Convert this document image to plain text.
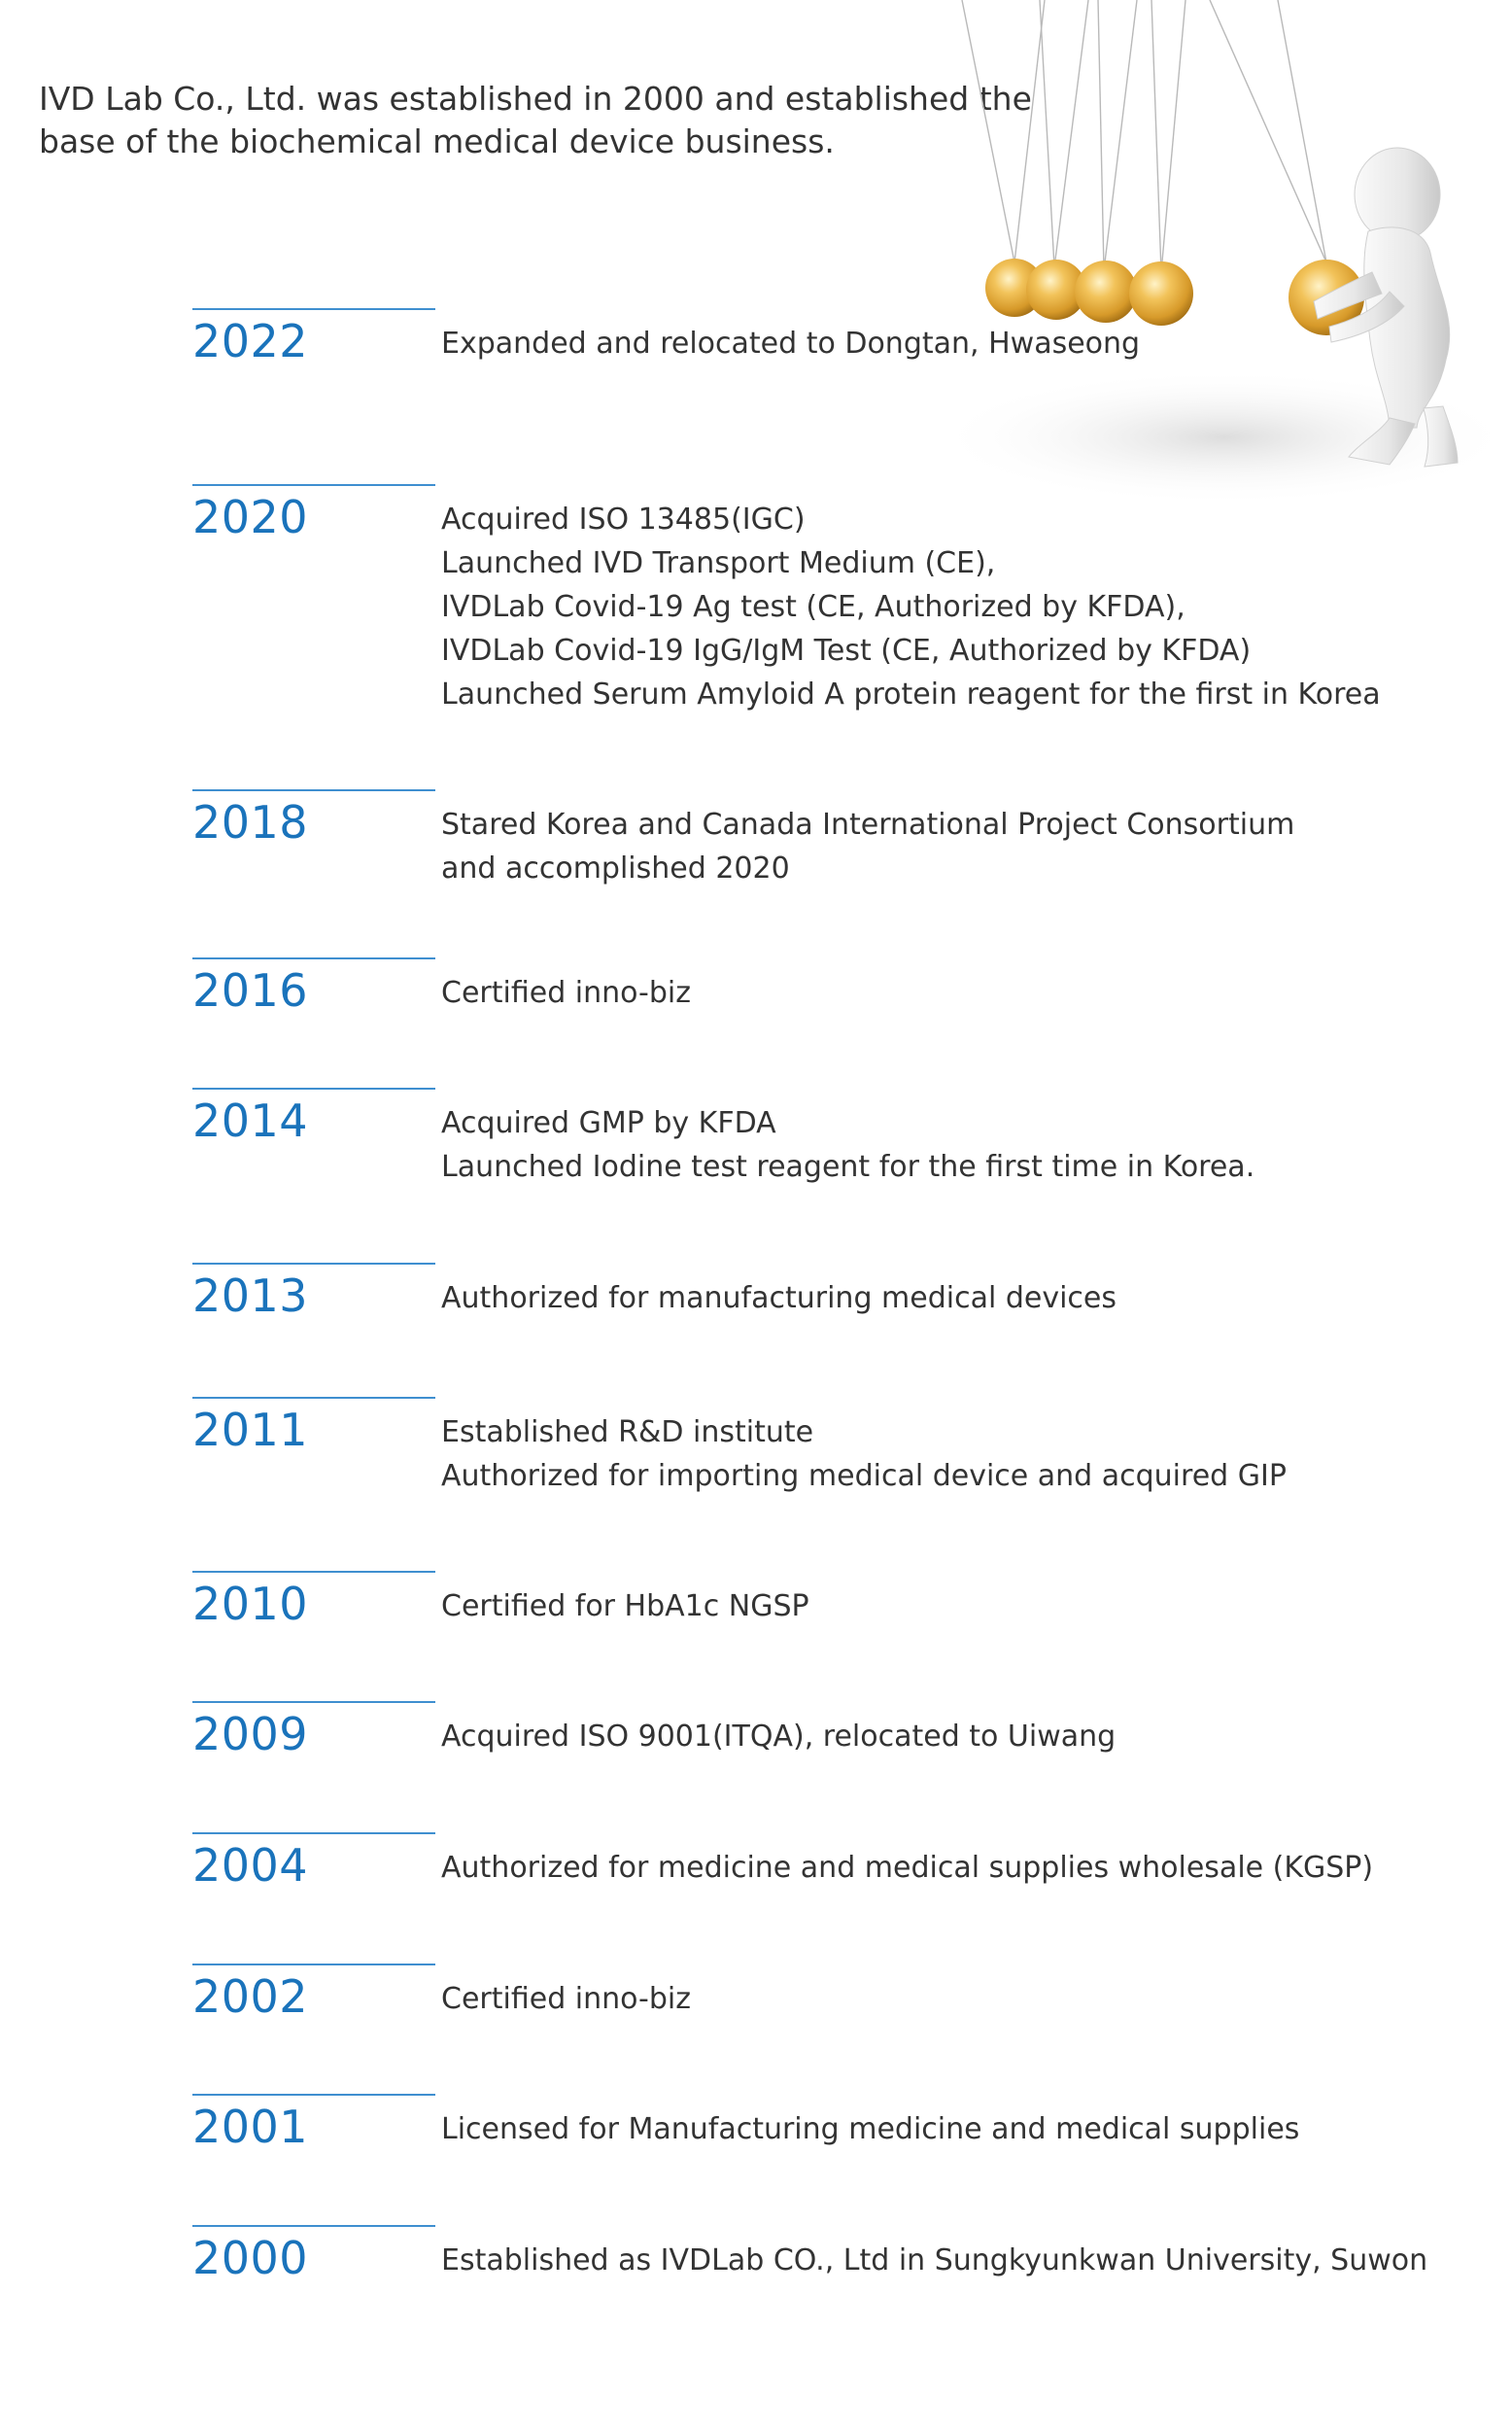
IVD Lab Co., Ltd. was established in 2000 and established the
base of the biochemical medical device business.
2022	Expanded and relocated to Dongtan, Hwaseong
2020	Acquired ISO 13485(IGC)
Launched IVD Transport Medium (CE),
IVDLab Covid-19 Ag test (CE, Authorized by KFDA),
IVDLab Covid-19 IgG/IgM Test (CE, Authorized by KFDA)
Launched Serum Amyloid A protein reagent for the first in Korea
2018	Stared Korea and Canada International Project Consortium
and accomplished 2020
2016	Certified inno-biz
2014	Acquired GMP by KFDA
Launched Iodine test reagent for the first time in Korea.
2013	Authorized for manufacturing medical devices
2011	Established R&D institute
Authorized for importing medical device and acquired GIP
2010	Certified for HbA1c NGSP
2009	Acquired ISO 9001(ITQA), relocated to Uiwang
2004	Authorized for medicine and medical supplies wholesale (KGSP)
2002	Certified inno-biz
2001	Licensed for Manufacturing medicine and medical supplies
2000	Established as IVDLab CO., Ltd in Sungkyunkwan University, Suwon
